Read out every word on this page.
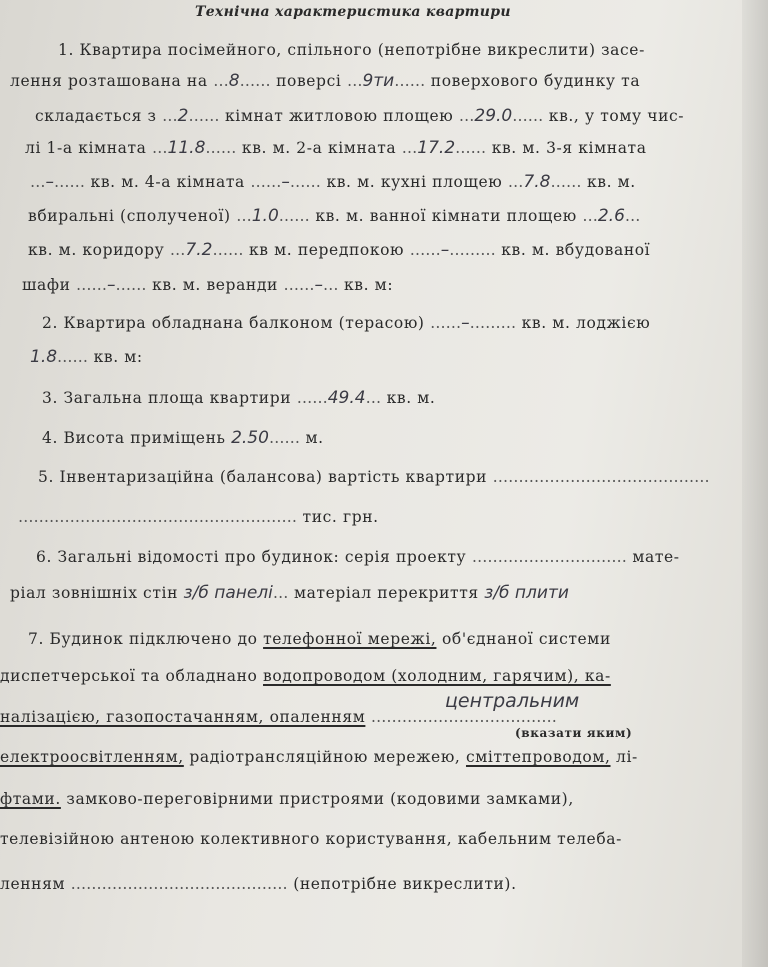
Технічна характеристика квартири
1. Квартира посімейного, спільного (непотрібне викреслити) засе-
лення розташована на …8…… поверсі …9ти…… поверхового будинку та
складається з …2…… кімнат житловою площею …29.0…… кв., у тому чис-
лі 1-а кімната …11.8…… кв. м. 2-а кімната …17.2…… кв. м. 3-я кімната
…–…… кв. м. 4-а кімната ……–…… кв. м. кухні площею …7.8…… кв. м.
вбиральні (сполученої) …1.0…… кв. м. ванної кімнати площею …2.6…
кв. м. коридору …7.2…… кв м. передпокою ……–……… кв. м. вбудованої
шафи ……–…… кв. м. веранди ……–… кв. м:
2. Квартира обладнана балконом (терасою) ……–……… кв. м. лоджією
1.8…… кв. м:
3. Загальна площа квартири ……49.4… кв. м.
4. Висота приміщень 2.50…… м.
5. Інвентаризаційна (балансова) вартість квартири ……………………………………
……………………………………………… тис. грн.
6. Загальні відомості про будинок: серія проекту ………………………… мате-
ріал зовнішніх стін з/б панелі… матеріал перекриття з/б плити
7. Будинок підключено до телефонної мережі, об'єднаної системи
диспетчерської та обладнано водопроводом (холодним, гарячим), ка-
центральним
налізацією, газопостачанням, опаленням ………………………………
(вказати яким)
електроосвітленням, радіотрансляційною мережею, сміттепроводом, лі-
фтами. замково-переговірними пристроями (кодовими замками),
телевізійною антеною колективного користування, кабельним телеба-
ленням …………………………………… (непотрібне викреслити).
